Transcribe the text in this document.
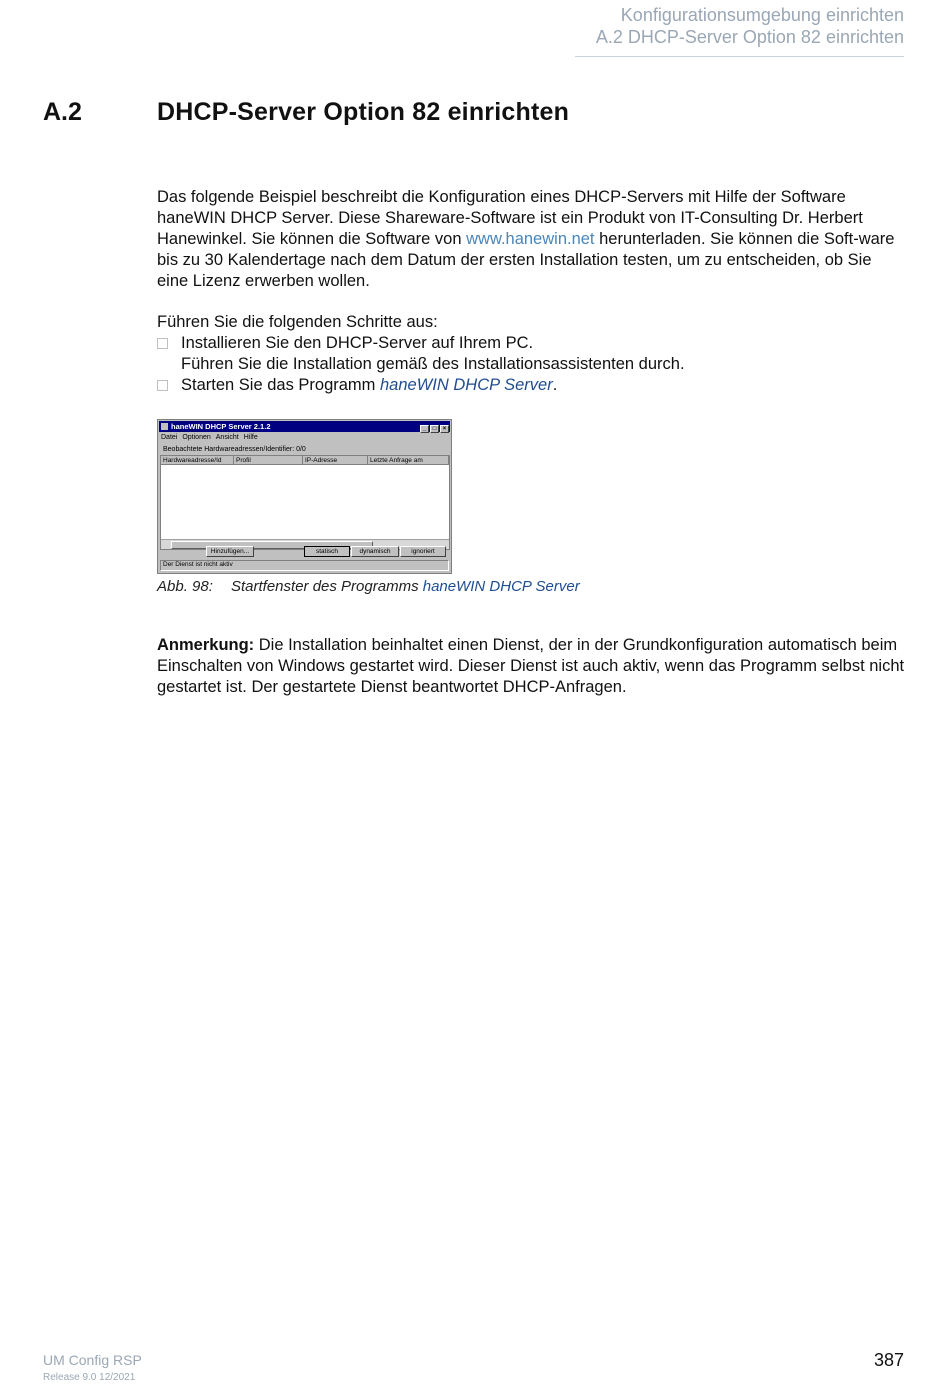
Konfigurationsumgebung einrichten
A.2 DHCP-Server Option 82 einrichten
A.2	DHCP-Server Option 82 einrichten
Das folgende Beispiel beschreibt die Konfiguration eines DHCP-Servers mit Hilfe der Software haneWIN DHCP Server. Diese Shareware-Software ist ein Produkt von IT-Consulting Dr. Herbert Hanewinkel. Sie können die Software von www.hanewin.net herunterladen. Sie können die Soft-ware bis zu 30 Kalendertage nach dem Datum der ersten Installation testen, um zu entscheiden, ob Sie eine Lizenz erwerben wollen.
Führen Sie die folgenden Schritte aus:
Installieren Sie den DHCP-Server auf Ihrem PC.
Führen Sie die Installation gemäß des Installationsassistenten durch.
Starten Sie das Programm haneWIN DHCP Server.
haneWIN DHCP Server 2.1.2	_ □ ×
Datei Optionen Ansicht Hilfe
Beobachtete Hardwareadressen/Identifier: 0/0
Hardwareadresse/Id	Profil	IP-Adresse	Letzte Anfrage am
Hinzufügen...	statisch	dynamisch	ignoriert
Der Dienst ist nicht aktiv
Abb. 98: Startfenster des Programms haneWIN DHCP Server
Anmerkung: Die Installation beinhaltet einen Dienst, der in der Grundkonfiguration automatisch beim Einschalten von Windows gestartet wird. Dieser Dienst ist auch aktiv, wenn das Programm selbst nicht gestartet ist. Der gestartete Dienst beantwortet DHCP-Anfragen.
UM Config RSP
Release 9.0 12/2021
387
